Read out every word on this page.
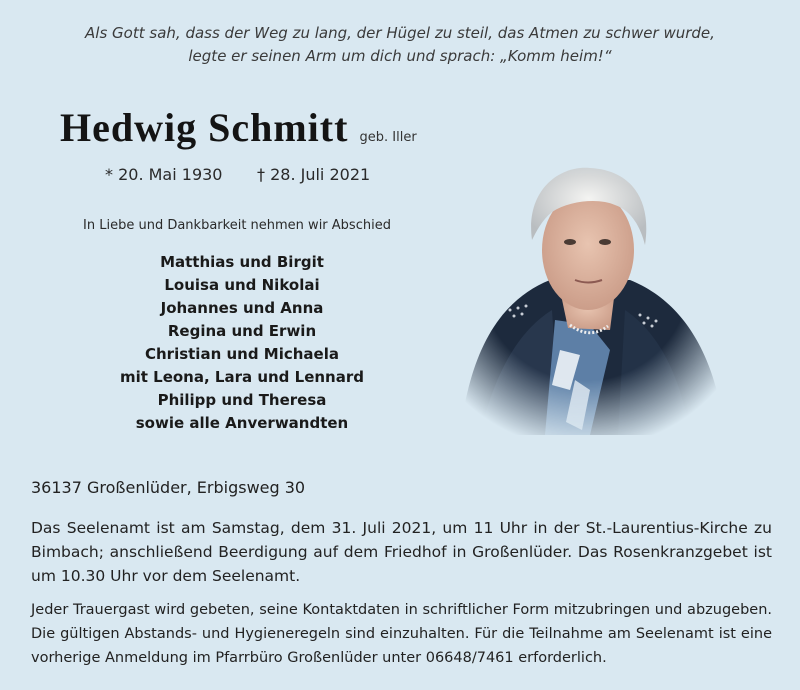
Als Gott sah, dass der Weg zu lang, der Hügel zu steil, das Atmen zu schwer wurde,
legte er seinen Arm um dich und sprach: „Komm heim!“
Hedwig Schmitt geb. Iller
* 20. Mai 1930 † 28. Juli 2021
In Liebe und Dankbarkeit nehmen wir Abschied
Matthias und Birgit
Louisa und Nikolai
Johannes und Anna
Regina und Erwin
Christian und Michaela
mit Leona, Lara und Lennard
Philipp und Theresa
sowie alle Anverwandten
36137 Großenlüder, Erbigsweg 30
Das Seelenamt ist am Samstag, dem 31. Juli 2021, um 11 Uhr in der St.-Laurentius-Kirche zu Bimbach; anschließend Beerdigung auf dem Friedhof in Großenlüder. Das Rosenkranzgebet ist um 10.30 Uhr vor dem Seelenamt.
Jeder Trauergast wird gebeten, seine Kontaktdaten in schriftlicher Form mitzubringen und abzugeben. Die gültigen Abstands- und Hygieneregeln sind einzuhalten. Für die Teilnahme am Seelenamt ist eine vorherige Anmeldung im Pfarrbüro Großenlüder unter 06648/7461 erforderlich.
